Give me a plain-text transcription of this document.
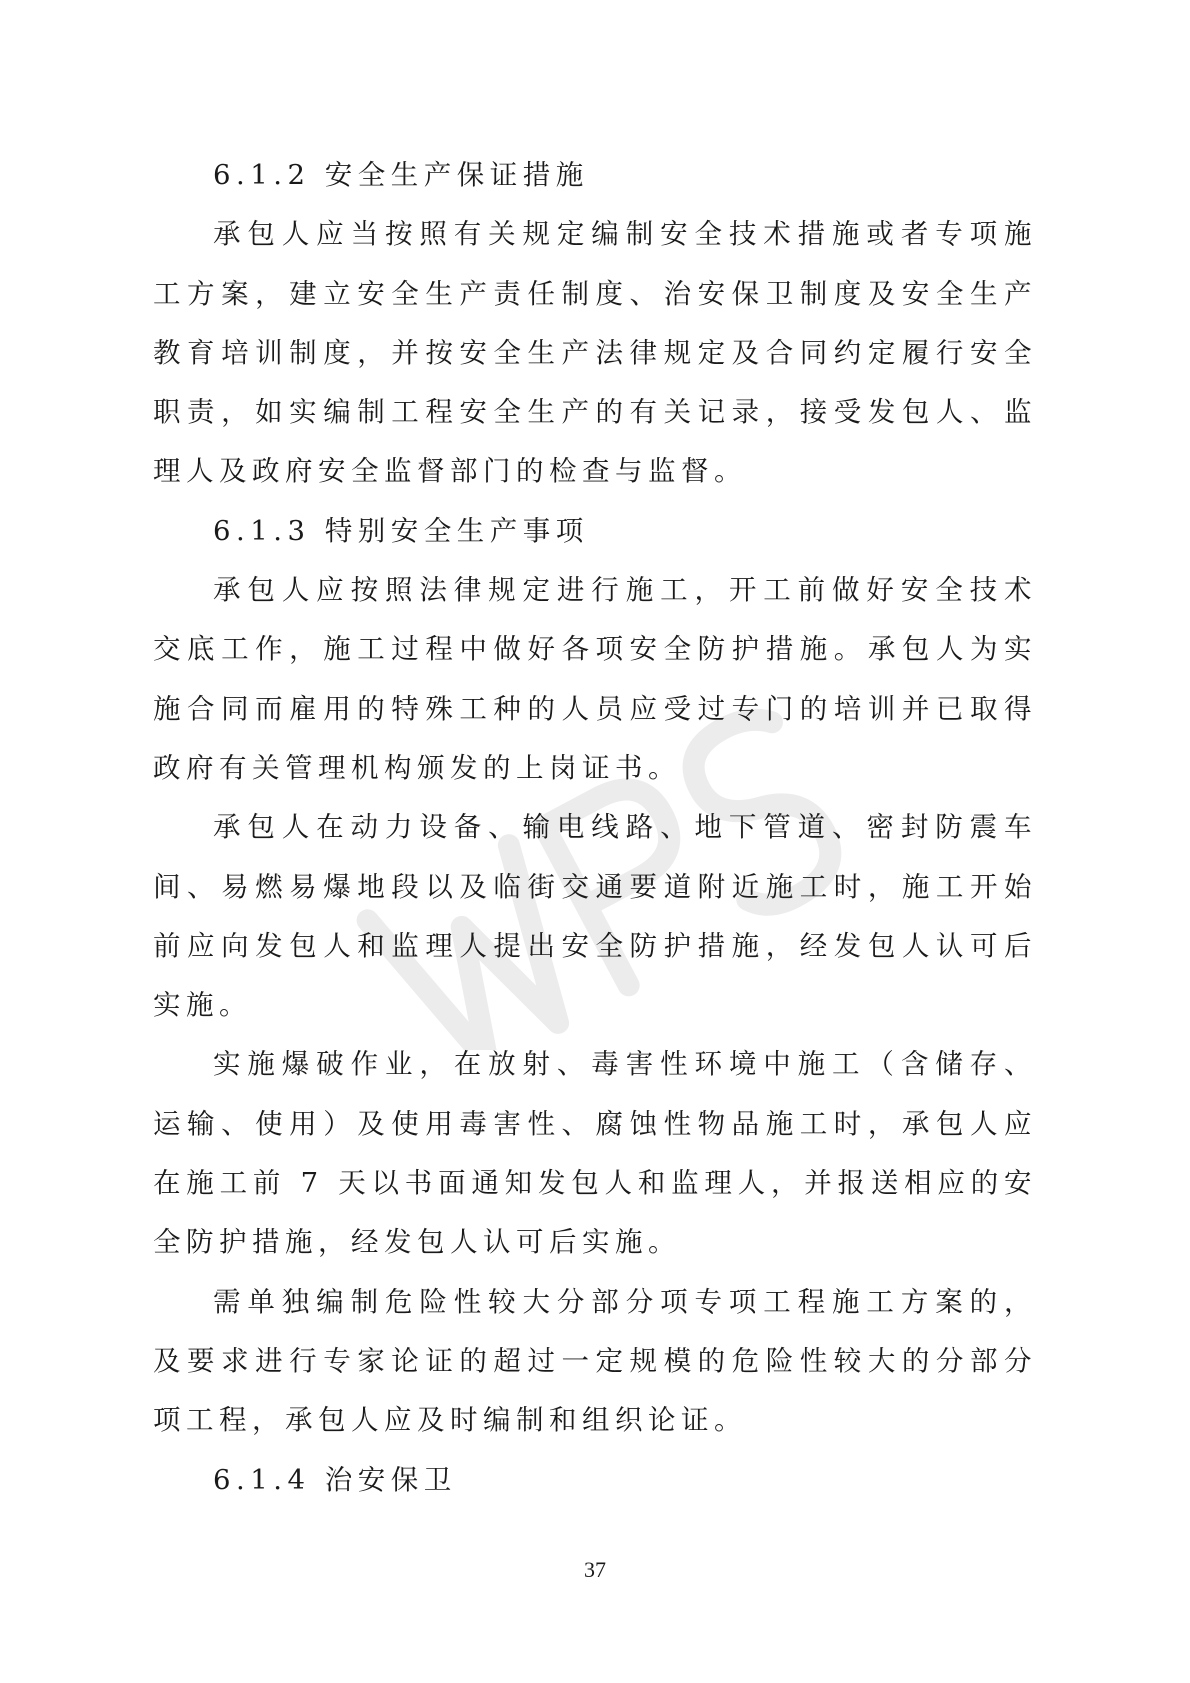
6.1.2 安全生产保证措施

承包人应当按照有关规定编制安全技术措施或者专项施工方案，建立安全生产责任制度、治安保卫制度及安全生产教育培训制度，并按安全生产法律规定及合同约定履行安全职责，如实编制工程安全生产的有关记录，接受发包人、监理人及政府安全监督部门的检查与监督。

6.1.3 特别安全生产事项

承包人应按照法律规定进行施工，开工前做好安全技术交底工作，施工过程中做好各项安全防护措施。承包人为实施合同而雇用的特殊工种的人员应受过专门的培训并已取得政府有关管理机构颁发的上岗证书。

承包人在动力设备、输电线路、地下管道、密封防震车间、易燃易爆地段以及临街交通要道附近施工时，施工开始前应向发包人和监理人提出安全防护措施，经发包人认可后实施。

实施爆破作业，在放射、毒害性环境中施工（含储存、运输、使用）及使用毒害性、腐蚀性物品施工时，承包人应在施工前 7 天以书面通知发包人和监理人，并报送相应的安全防护措施，经发包人认可后实施。

需单独编制危险性较大分部分项专项工程施工方案的，及要求进行专家论证的超过一定规模的危险性较大的分部分项工程，承包人应及时编制和组织论证。

6.1.4 治安保卫

37
